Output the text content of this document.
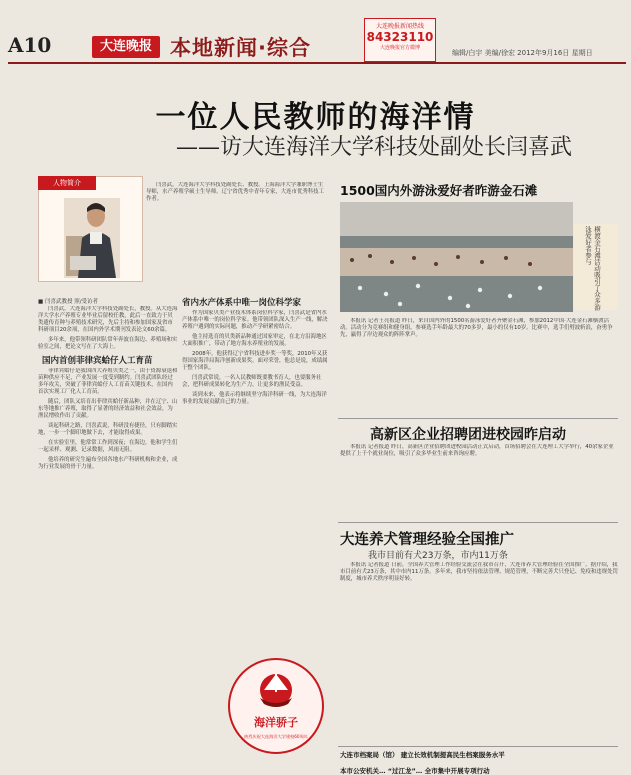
A10	大连晚报 本地新闻·综合
大连晚报新闻热线
84323110
大连晚报官方微博
编辑/白宇 美编/徐宏 2012年9月16日 星期日
一位人民教师的海洋情
——访大连海洋大学科技处副处长闫喜武
人物简介	闫喜武，大连海洋大学科技处副处长、教授。上海海洋大学兼职博士生导师，水产养殖学硕士生导师。辽宁省优秀中青年专家，大连市优秀科技工作者。

■ 闫喜武教授 照/受访者

闫喜武，大连海洋大学科技处副处长，教授。从大连海洋大学水产养殖专业毕业后留校任教，此后一直致力于贝类遗传育种与养殖技术研究，先后主持和参加国家及省市科研项目20余项，在国内外学术期刊发表论文60余篇。

多年来，他带领科研团队常年奔波在海边、养殖场和实验室之间，把论文写在了大海上。

国内首创菲律宾蛤仔人工育苗

菲律宾蛤仔是我国四大养殖贝类之一，由于资源衰退和苗种供应不足，产业发展一度受到制约。闫喜武团队经过多年攻关，突破了菲律宾蛤仔人工育苗关键技术，在国内首次实现工厂化人工育苗。

随后，团队又培育出菲律宾蛤仔新品种，并在辽宁、山东等地推广养殖，取得了显著的经济效益和社会效益，为渔民增收作出了贡献。

谈起科研之路，闫喜武说，科研没有捷径，只有脚踏实地，一步一个脚印地做下去，才能取得成果。

在实验室里，他常常工作到深夜；在海边，他和学生们一起采样、观测、记录数据，风雨无阻。

他培养的研究生遍布全国各地水产科研机构和企业，成为行业发展的骨干力量。

省内水产体系中唯一岗位科学家

作为国家贝类产业技术体系岗位科学家，闫喜武是省内水产体系中唯一的岗位科学家。他带领团队深入生产一线，解决养殖户遇到的实际问题，推动产学研紧密结合。

他主持选育的贝类新品种通过国家审定，在北方沿海地区大面积推广，带动了地方海水养殖业的发展。

2008年，他获得辽宁省科技进步奖一等奖，2010年又获得国家海洋局海洋创新成果奖。面对荣誉，他总是说，成绩属于整个团队。

闫喜武常说，一名人民教师既要教书育人，也要服务社会，把科研成果转化为生产力，让更多的渔民受益。

谈到未来，他表示将继续坚守海洋科研一线，为大连海洋事业的发展贡献自己的力量。

海洋骄子
热烈庆祝大连海洋大学建校60周年
1500国内外游泳爱好者昨游金石滩
横渡金石滩活动吸引了众多游泳爱好者参与

本报讯 记者王亮报道 昨日，来自国内外的1500名游泳爱好者齐聚金石滩，参加2012中国·大连金石滩横渡活动。活动分为竞赛组和健身组，参赛选手年龄最大的70多岁，最小的仅有10岁。比赛中，选手们劈波斩浪，奋勇争先，赢得了岸边观众的阵阵掌声。

高新区企业招聘团进校园昨启动

本报讯 记者报道 昨日，高新区企业招聘团进校园活动正式启动，首场招聘会在大连理工大学举行，40余家企业提供了上千个就业岗位，吸引了众多毕业生前来咨询应聘。

大连养犬管理经验全国推广
我市目前有犬23万条，市内11万条

本报讯 记者报道 日前，全国养犬管理工作经验交流会在我市召开，大连市养犬管理经验在全国推广。据介绍，我市目前有犬23万条，其中市内11万条。多年来，我市坚持依法管理、规范管理，不断完善犬只登记、免疫和违规处罚制度，城市养犬秩序明显好转。

大连市档案局（馆） 建立长效机制提高民生档案服务水平
本市公安机关… “过江龙”… 全市集中开展专项行动
